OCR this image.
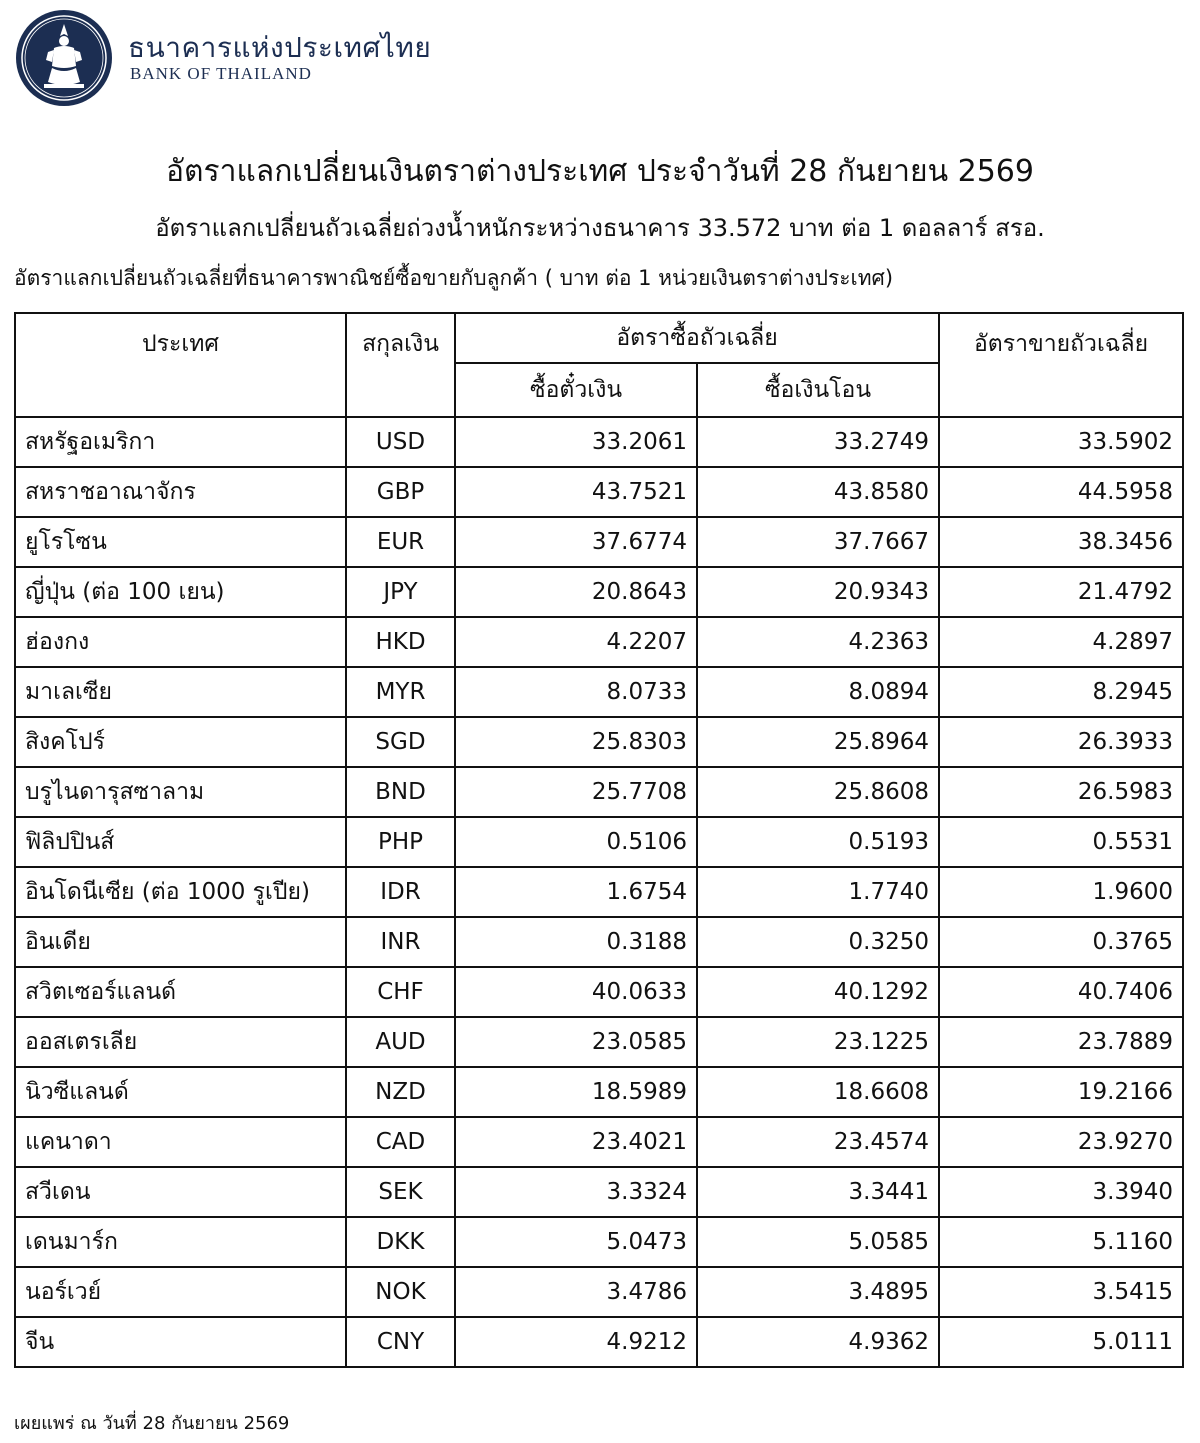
ธนาคารแห่งประเทศไทย
BANK OF THAILAND
อัตราแลกเปลี่ยนเงินตราต่างประเทศ ประจำวันที่ 28 กันยายน 2569
อัตราแลกเปลี่ยนถัวเฉลี่ยถ่วงน้ำหนักระหว่างธนาคาร 33.572 บาท ต่อ 1 ดอลลาร์ สรอ.
อัตราแลกเปลี่ยนถัวเฉลี่ยที่ธนาคารพาณิชย์ซื้อขายกับลูกค้า ( บาท ต่อ 1 หน่วยเงินตราต่างประเทศ)
ประเทศ	สกุลเงิน	อัตราซื้อถัวเฉลี่ย		อัตราขายถัวเฉลี่ย
		ซื้อตั๋วเงิน	ซื้อเงินโอน	
สหรัฐอเมริกา	USD	33.2061	33.2749	33.5902
สหราชอาณาจักร	GBP	43.7521	43.8580	44.5958
ยูโรโซน	EUR	37.6774	37.7667	38.3456
ญี่ปุ่น (ต่อ 100 เยน)	JPY	20.8643	20.9343	21.4792
ฮ่องกง	HKD	4.2207	4.2363	4.2897
มาเลเซีย	MYR	8.0733	8.0894	8.2945
สิงคโปร์	SGD	25.8303	25.8964	26.3933
บรูไนดารุสซาลาม	BND	25.7708	25.8608	26.5983
ฟิลิปปินส์	PHP	0.5106	0.5193	0.5531
อินโดนีเซีย (ต่อ 1000 รูเปีย)	IDR	1.6754	1.7740	1.9600
อินเดีย	INR	0.3188	0.3250	0.3765
สวิตเซอร์แลนด์	CHF	40.0633	40.1292	40.7406
ออสเตรเลีย	AUD	23.0585	23.1225	23.7889
นิวซีแลนด์	NZD	18.5989	18.6608	19.2166
แคนาดา	CAD	23.4021	23.4574	23.9270
สวีเดน	SEK	3.3324	3.3441	3.3940
เดนมาร์ก	DKK	5.0473	5.0585	5.1160
นอร์เวย์	NOK	3.4786	3.4895	3.5415
จีน	CNY	4.9212	4.9362	5.0111
เผยแพร่ ณ วันที่ 28 กันยายน 2569
